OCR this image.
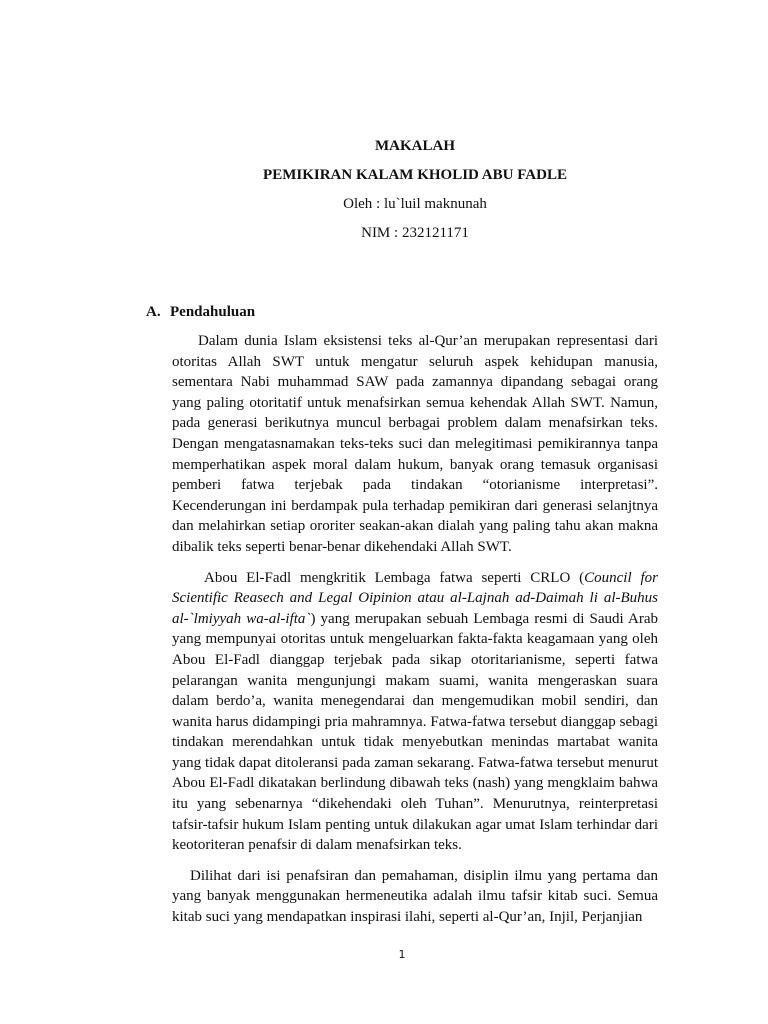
MAKALAH
PEMIKIRAN KALAM KHOLID ABU FADLE
Oleh : lu`luil maknunah
NIM : 232121171
A. Pendahuluan

Dalam dunia Islam eksistensi teks al-Qur’an merupakan representasi dari otoritas Allah SWT untuk mengatur seluruh aspek kehidupan manusia, sementara Nabi muhammad SAW pada zamannya dipandang sebagai orang yang paling otoritatif untuk menafsirkan semua kehendak Allah SWT. Namun, pada generasi berikutnya muncul berbagai problem dalam menafsirkan teks. Dengan mengatasnamakan teks-teks suci dan melegitimasi pemikirannya tanpa memperhatikan aspek moral dalam hukum, banyak orang temasuk organisasi pemberi fatwa terjebak pada tindakan “otorianisme interpretasi”. Kecenderungan ini berdampak pula terhadap pemikiran dari generasi selanjtnya dan melahirkan setiap ororiter seakan-akan dialah yang paling tahu akan makna dibalik teks seperti benar-benar dikehendaki Allah SWT.

Abou El-Fadl mengkritik Lembaga fatwa seperti CRLO (Council for Scientific Reasech and Legal Oipinion atau al-Lajnah ad-Daimah li al-Buhus al-`lmiyyah wa-al-ifta`) yang merupakan sebuah Lembaga resmi di Saudi Arab yang mempunyai otoritas untuk mengeluarkan fakta-fakta keagamaan yang oleh Abou El-Fadl dianggap terjebak pada sikap otoritarianisme, seperti fatwa pelarangan wanita mengunjungi makam suami, wanita mengeraskan suara dalam berdo’a, wanita menegendarai dan mengemudikan mobil sendiri, dan wanita harus didampingi pria mahramnya. Fatwa-fatwa tersebut dianggap sebagi tindakan merendahkan untuk tidak menyebutkan menindas martabat wanita yang tidak dapat ditoleransi pada zaman sekarang. Fatwa-fatwa tersebut menurut Abou El-Fadl dikatakan berlindung dibawah teks (nash) yang mengklaim bahwa itu yang sebenarnya “dikehendaki oleh Tuhan”. Menurutnya, reinterpretasi tafsir-tafsir hukum Islam penting untuk dilakukan agar umat Islam terhindar dari keotoriteran penafsir di dalam menafsirkan teks.

Dilihat dari isi penafsiran dan pemahaman, disiplin ilmu yang pertama dan yang banyak menggunakan hermeneutika adalah ilmu tafsir kitab suci. Semua kitab suci yang mendapatkan inspirasi ilahi, seperti al-Qur’an, Injil, Perjanjian

1
